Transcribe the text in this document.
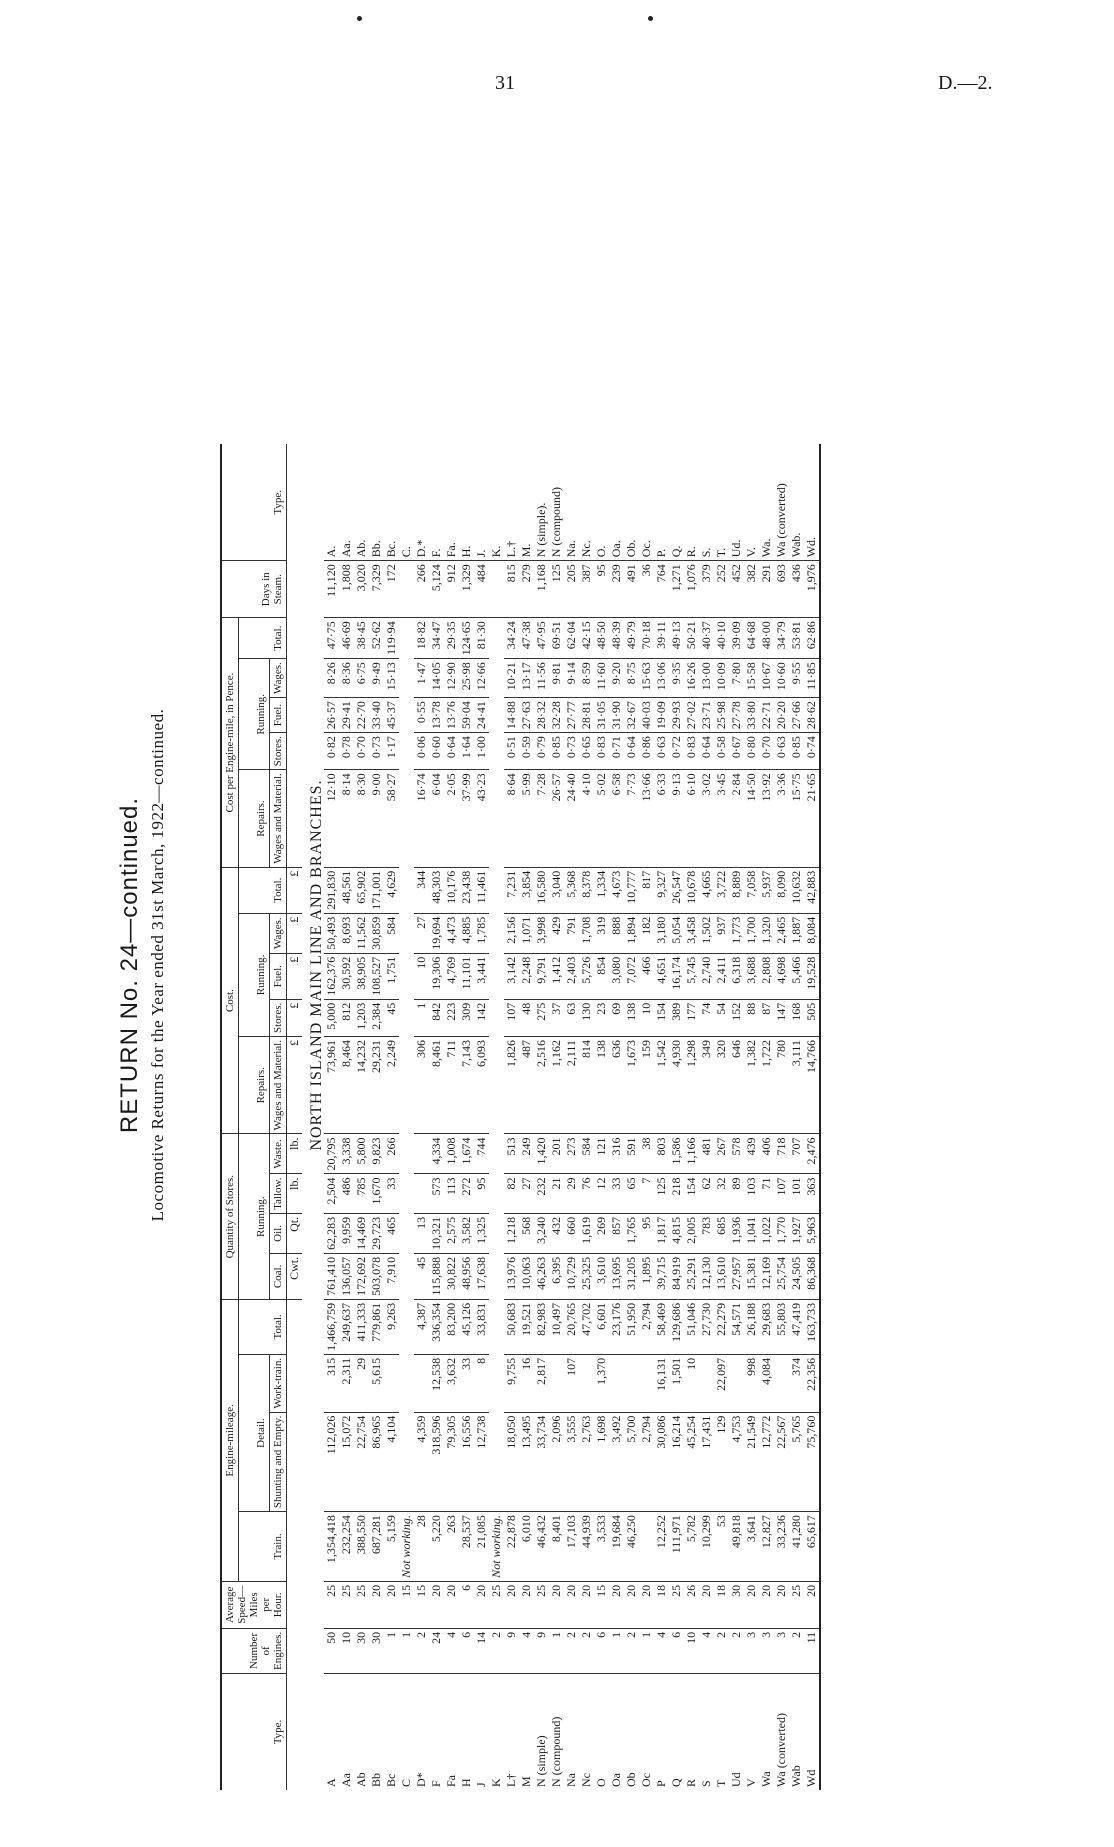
31	D.—2.
RETURN No. 24—continued. Locomotive Returns for the Year ended 31st March, 1922—continued.
Type.	Number of Engines.	Average Speed—Miles per Hour.	Engine-mileage.				Quantity of Stores.				Cost.					Cost per Engine-mile, in Pence.					Days in Steam.	Type.
			Train.	Detail.		Total.	Running.				Repairs.	Running.			Total.	Repairs.	Running.			Total.		
				Shunting and Empty.	Work-train.		Coal.	Oil.	Tallow.	Waste.	Wages and Material.	Stores.	Fuel.	Wages.		Wages and Material.	Stores.	Fuel.	Wages.			
							Cwt.	Qt.	lb.	lb.	£	£	£	£	£							

A	50	25	1,354,418	112,026	315	1,466,759	761,410	62,283	2,504	20,795	73,961	5,000	162,376	50,493	291,830	12·10	0·82	26·57	8·26	47·75	11,120	A.
Aa	10	25	232,254	15,072	2,311	249,637	136,057	9,959	486	3,338	8,464	812	30,592	8,693	48,561	8·14	0·78	29·41	8·36	46·69	1,808	Aa.
Ab	30	25	388,550	22,754	29	411,333	172,692	14,469	785	5,800	14,232	1,203	38,905	11,562	65,902	8·30	0·70	22·70	6·75	38·45	3,020	Ab.
Bb	30	20	687,281	86,965	5,615	779,861	503,078	29,723	1,670	9,823	29,231	2,384	108,527	30,859	171,001	9·00	0·73	33·40	9·49	52·62	7,329	Bb.
Bc	1	20	5,159	4,104		9,263	7,910	465	33	266	2,249	45	1,751	584	4,629	58·27	1·17	45·37	15·13	119·94	172	Bc.
C	1	15	Not working.																			C.
D*	2	15	28	4,359		4,387	45	13			306	1	10	27	344	16·74	0·06	0·55	1·47	18·82	266	D.*
F	24	20	5,220	318,596	12,538	336,354	115,888	10,321	573	4,334	8,461	842	19,306	19,694	48,303	6·04	0·60	13·78	14·05	34·47	5,124	F.
Fa	4	20	263	79,305	3,632	83,200	30,822	2,575	113	1,008	711	223	4,769	4,473	10,176	2·05	0·64	13·76	12·90	29·35	912	Fa.
H	6	6	28,537	16,556	33	45,126	48,956	3,582	272	1,674	7,143	309	11,101	4,885	23,438	37·99	1·64	59·04	25·98	124·65	1,329	H.
J	14	20	21,085	12,738	8	33,831	17,638	1,325	95	744	6,093	142	3,441	1,785	11,461	43·23	1·00	24·41	12·66	81·30	484	J.
K	2	25	Not working.																			K.
L†	9	20	22,878	18,050	9,755	50,683	13,976	1,218	82	513	1,826	107	3,142	2,156	7,231	8·64	0·51	14·88	10·21	34·24	815	L.†
M	4	20	6,010	13,495	16	19,521	10,063	568	27	249	487	48	2,248	1,071	3,854	5·99	0·59	27·63	13·17	47·38	279	M.
N (simple)	9	25	46,432	33,734	2,817	82,983	46,263	3,240	232	1,420	2,516	275	9,791	3,998	16,580	7·28	0·79	28·32	11·56	47·95	1,168	N (simple).
N (compound)	1	20	8,401	2,096		10,497	6,395	432	21	201	1,162	37	1,412	429	3,040	26·57	0·85	32·28	9·81	69·51	125	N (compound)
Na	2	20	17,103	3,555	107	20,765	10,729	660	29	273	2,111	63	2,403	791	5,368	24·40	0·73	27·77	9·14	62·04	205	Na.
Nc	2	20	44,939	2,763		47,702	25,325	1,619	76	584	814	130	5,726	1,708	8,378	4·10	0·65	28·81	8·59	42·15	387	Nc.
O	6	15	3,533	1,698	1,370	6,601	3,610	269	12	121	138	23	854	319	1,334	5·02	0·83	31·05	11·60	48·50	95	O.
Oa	1	20	19,684	3,492		23,176	13,695	857	33	316	636	69	3,080	888	4,673	6·58	0·71	31·90	9·20	48·39	239	Oa.
Ob	2	20	46,250	5,700		51,950	31,205	1,765	65	591	1,673	138	7,072	1,894	10,777	7·73	0·64	32·67	8·75	49·79	491	Ob.
Oc	1	20		2,794		2,794	1,895	95	7	38	159	10	466	182	817	13·66	0·86	40·03	15·63	70·18	36	Oc.
P	4	18	12,252	30,086	16,131	58,469	39,715	1,817	125	803	1,542	154	4,651	3,180	9,327	6·33	0·63	19·09	13·06	39·11	764	P.
Q	6	25	111,971	16,214	1,501	129,686	84,919	4,815	218	1,586	4,930	389	16,174	5,054	26,547	9·13	0·72	29·93	9·35	49·13	1,271	Q.
R	10	26	5,782	45,254	10	51,046	25,291	2,005	154	1,166	1,298	177	5,745	3,458	10,678	6·10	0·83	27·02	16·26	50·21	1,076	R.
S	4	20	10,299	17,431		27,730	12,130	783	62	481	349	74	2,740	1,502	4,665	3·02	0·64	23·71	13·00	40·37	379	S.
T	2	18	53	129	22,097	22,279	13,610	685	32	267	320	54	2,411	937	3,722	3·45	0·58	25·98	10·09	40·10	252	T.
Ud	2	30	49,818	4,753		54,571	27,957	1,936	89	578	646	152	6,318	1,773	8,889	2·84	0·67	27·78	7·80	39·09	452	Ud.
V	3	20	3,641	21,549	998	26,188	15,381	1,041	103	439	1,382	88	3,688	1,700	7,058	14·50	0·80	33·80	15·58	64·68	382	V.
Wa	3	20	12,827	12,772	4,084	29,683	12,169	1,022	71	406	1,722	87	2,808	1,320	5,937	13·92	0·70	22·71	10·67	48·00	291	Wa.
Wa (converted)	3	20	33,236	22,567		55,803	25,754	1,770	107	718	780	147	4,698	2,465	8,090	3·36	0·63	20·20	10·60	34·79	693	Wa (converted)
Wab	2	25	41,280	5,765	374	47,419	24,505	1,927	101	707	3,111	168	5,466	1,887	10,632	15·75	0·85	27·66	9·55	53·81	436	Wab.
Wd	11	20	65,617	75,760	22,356	163,733	86,368	5,963	363	2,476	14,766	505	19,528	8,084	42,883	21·65	0·74	28·62	11·85	62·86	1,976	Wd.
NORTH ISLAND MAIN LINE AND BRANCHES.
